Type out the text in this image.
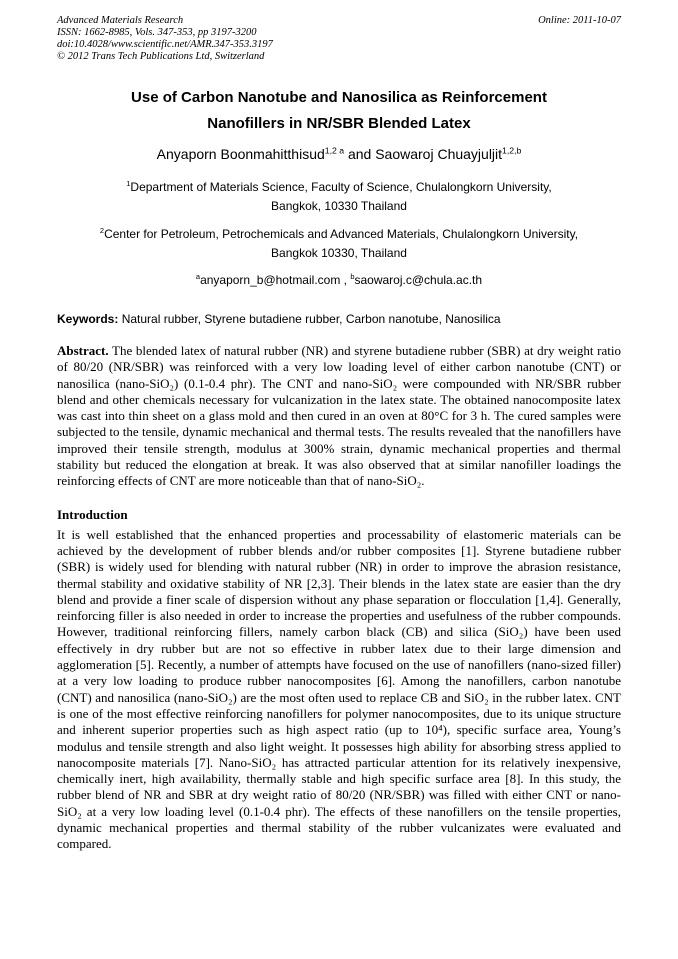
Advanced Materials Research
ISSN: 1662-8985, Vols. 347-353, pp 3197-3200
doi:10.4028/www.scientific.net/AMR.347-353.3197
© 2012 Trans Tech Publications Ltd, Switzerland
Online: 2011-10-07
Use of Carbon Nanotube and Nanosilica as Reinforcement
Nanofillers in NR/SBR Blended Latex
Anyaporn Boonmahitthisud$^{1,2 a}$ and Saowaroj Chuayjuljit$^{1,2,b}$
$^1$Department of Materials Science, Faculty of Science, Chulalongkorn University,
Bangkok, 10330 Thailand
$^2$Center for Petroleum, Petrochemicals and Advanced Materials, Chulalongkorn University,
Bangkok 10330, Thailand
$^a$anyaporn_b@hotmail.com , $^b$saowaroj.c@chula.ac.th
Keywords: Natural rubber, Styrene butadiene rubber, Carbon nanotube, Nanosilica
Abstract. The blended latex of natural rubber (NR) and styrene butadiene rubber (SBR) at dry weight ratio of 80/20 (NR/SBR) was reinforced with a very low loading level of either carbon nanotube (CNT) or nanosilica (nano-SiO₂) (0.1-0.4 phr). The CNT and nano-SiO₂ were compounded with NR/SBR rubber blend and other chemicals necessary for vulcanization in the latex state. The obtained nanocomposite latex was cast into thin sheet on a glass mold and then cured in an oven at 80°C for 3 h. The cured samples were subjected to the tensile, dynamic mechanical and thermal tests. The results revealed that the nanofillers have improved their tensile strength, modulus at 300% strain, dynamic mechanical properties and thermal stability but reduced the elongation at break. It was also observed that at similar nanofiller loadings the reinforcing effects of CNT are more noticeable than that of nano-SiO₂.
Introduction
It is well established that the enhanced properties and processability of elastomeric materials can be achieved by the development of rubber blends and/or rubber composites [1]. Styrene butadiene rubber (SBR) is widely used for blending with natural rubber (NR) in order to improve the abrasion resistance, thermal stability and oxidative stability of NR [2,3]. Their blends in the latex state are easier than the dry blend and provide a finer scale of dispersion without any phase separation or flocculation [1,4]. Generally, reinforcing filler is also needed in order to increase the properties and usefulness of the rubber compounds. However, traditional reinforcing fillers, namely carbon black (CB) and silica (SiO₂) have been used effectively in dry rubber but are not so effective in rubber latex due to their large dimension and agglomeration [5]. Recently, a number of attempts have focused on the use of nanofillers (nano-sized filler) at a very low loading to produce rubber nanocomposites [6]. Among the nanofillers, carbon nanotube (CNT) and nanosilica (nano-SiO₂) are the most often used to replace CB and SiO₂ in the rubber latex. CNT is one of the most effective reinforcing nanofillers for polymer nanocomposites, due to its unique structure and inherent superior properties such as high aspect ratio (up to 10⁴), specific surface area, Young’s modulus and tensile strength and also light weight. It possesses high ability for absorbing stress applied to nanocomposite materials [7]. Nano-SiO₂ has attracted particular attention for its relatively inexpensive, chemically inert, high availability, thermally stable and high specific surface area [8]. In this study, the rubber blend of NR and SBR at dry weight ratio of 80/20 (NR/SBR) was filled with either CNT or nano-SiO₂ at a very low loading level (0.1-0.4 phr). The effects of these nanofillers on the tensile properties, dynamic mechanical properties and thermal stability of the rubber vulcanizates were evaluated and compared.
